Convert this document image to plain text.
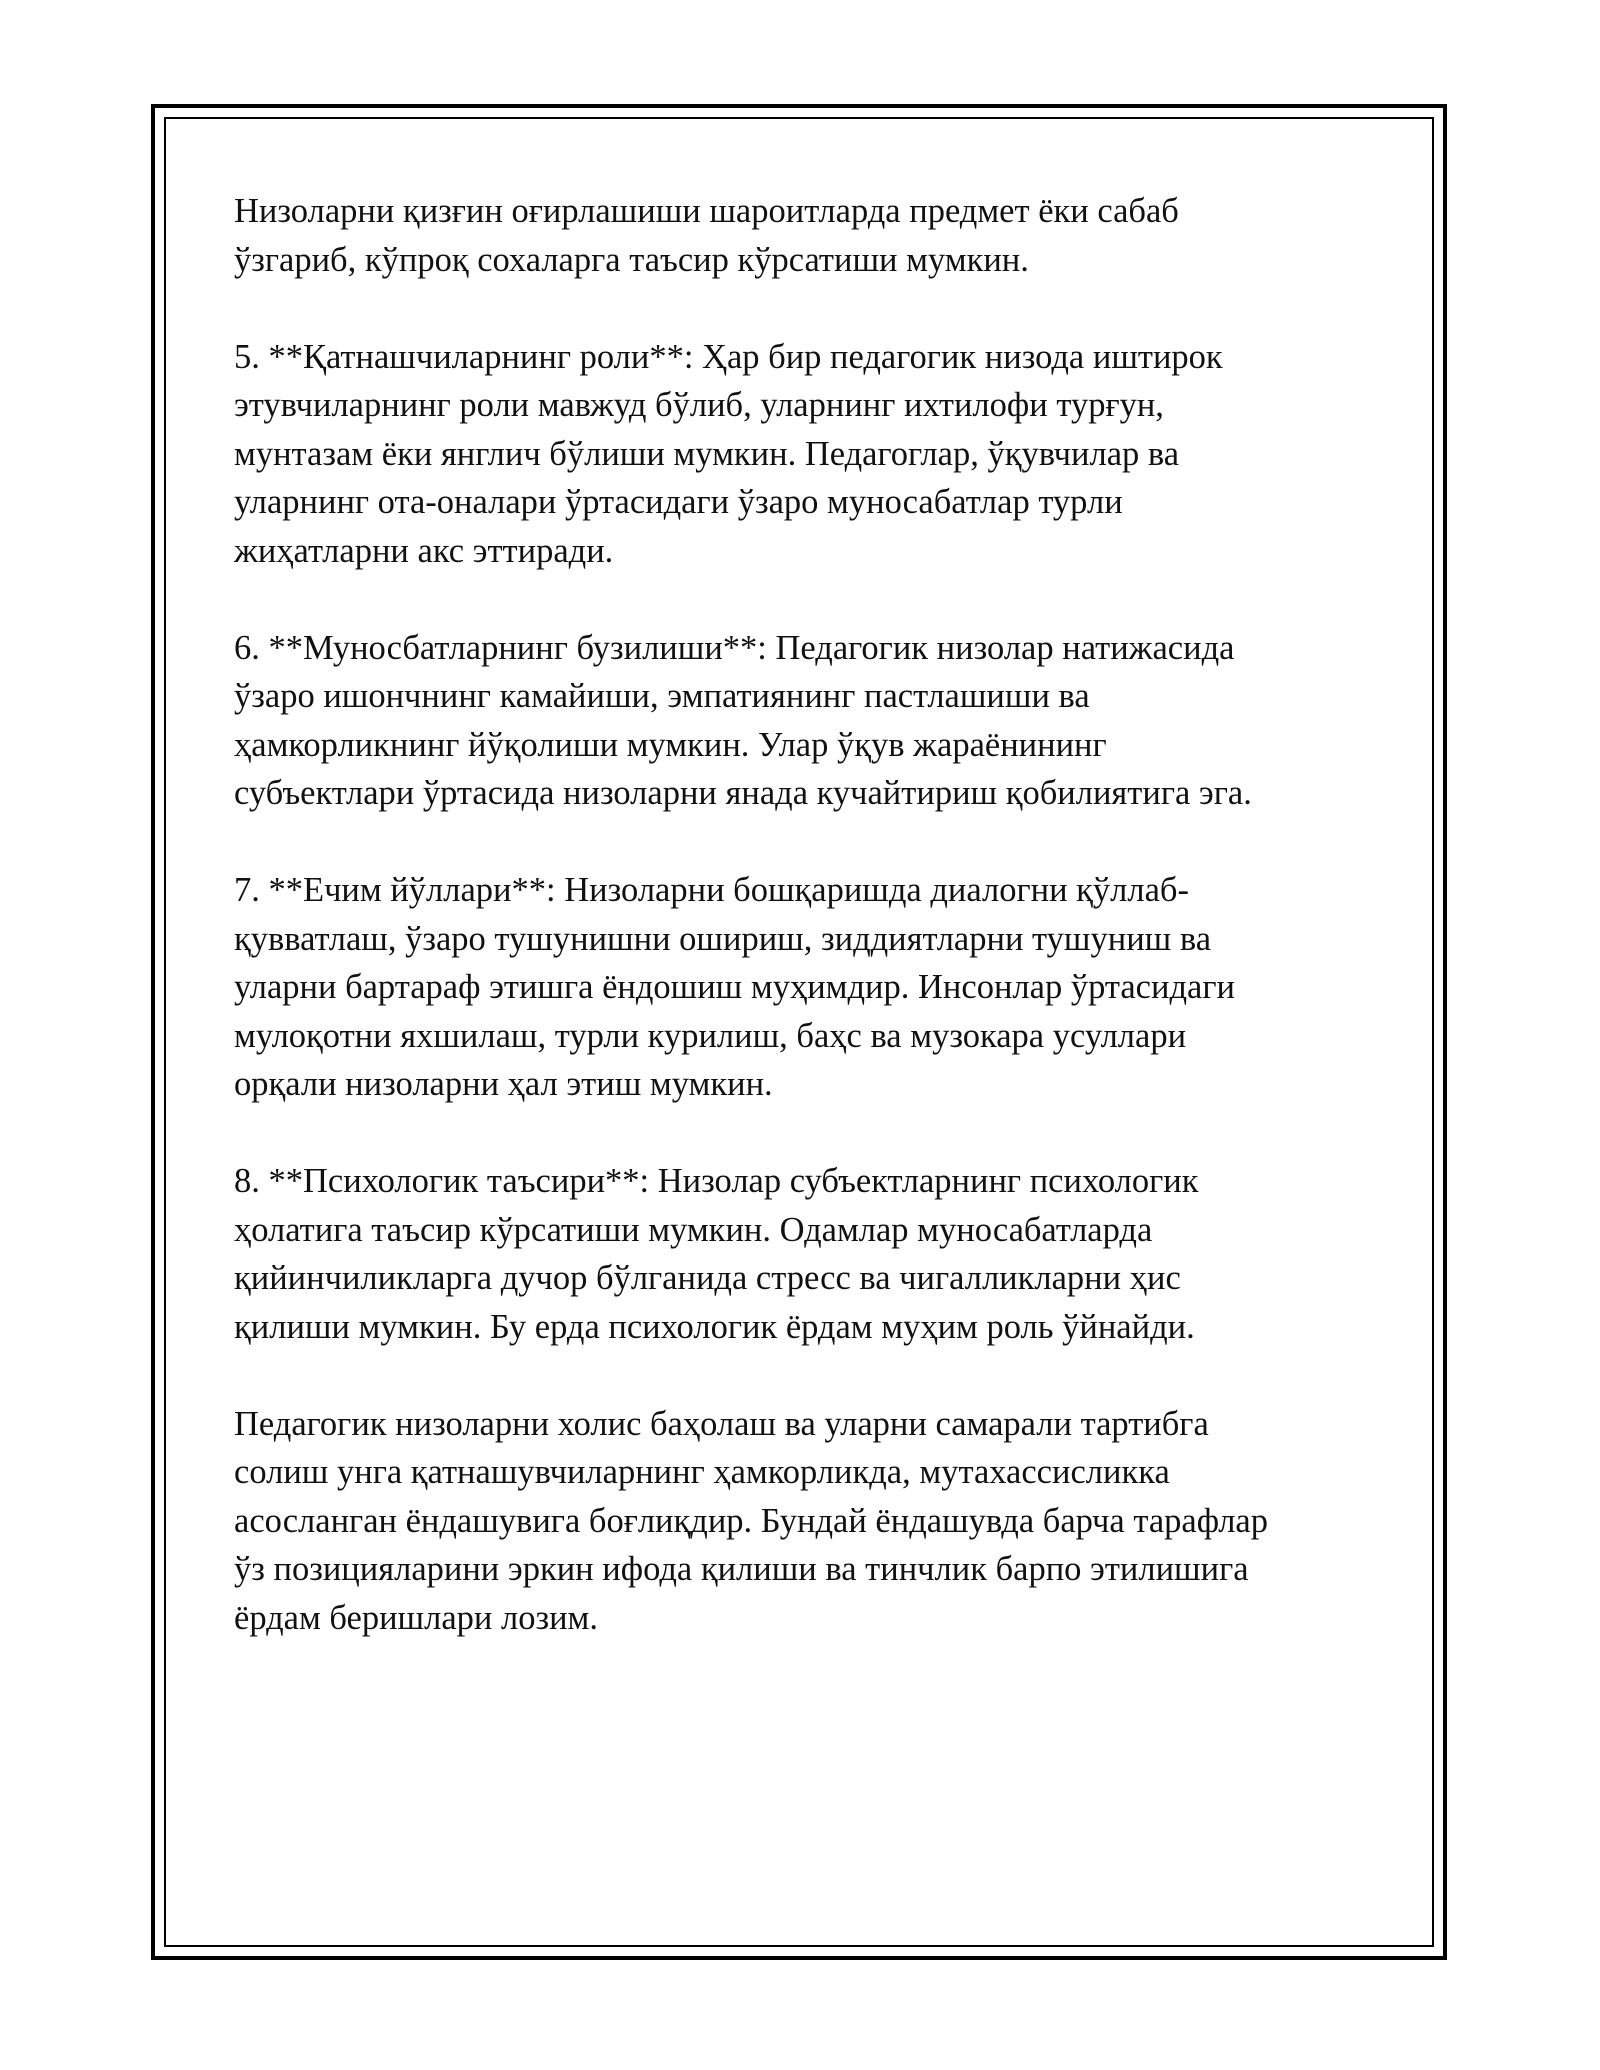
Низоларни қизғин оғирлашиши шароитларда предмет ёки сабаб
ўзгариб, кўпроқ сохаларга таъсир кўрсатиши мумкин.

5. **Қатнашчиларнинг роли**: Ҳар бир педагогик низода иштирок
этувчиларнинг роли мавжуд бўлиб, уларнинг ихтилофи турғун,
мунтазам ёки янглич бўлиши мумкин. Педагоглар, ўқувчилар ва
уларнинг ота-оналари ўртасидаги ўзаро муносабатлар турли
жиҳатларни акс эттиради.

6. **Муносбатларнинг бузилиши**: Педагогик низолар натижасида
ўзаро ишончнинг камайиши, эмпатиянинг пастлашиши ва
ҳамкорликнинг йўқолиши мумкин. Улар ўқув жараёнининг
субъектлари ўртасида низоларни янада кучайтириш қобилиятига эга.

7. **Ечим йўллари**: Низоларни бошқаришда диалогни қўллаб-
қувватлаш, ўзаро тушунишни ошириш, зиддиятларни тушуниш ва
уларни бартараф этишга ёндошиш муҳимдир. Инсонлар ўртасидаги
мулоқотни яхшилаш, турли курилиш, баҳс ва музокара усуллари
орқали низоларни ҳал этиш мумкин.

8. **Психологик таъсири**: Низолар субъектларнинг психологик
ҳолатига таъсир кўрсатиши мумкин. Одамлар муносабатларда
қийинчиликларга дучор бўлганида стресс ва чигалликларни ҳис
қилиши мумкин. Бу ерда психологик ёрдам муҳим роль ўйнайди.

Педагогик низоларни холис баҳолаш ва уларни самарали тартибга
солиш унга қатнашувчиларнинг ҳамкорликда, мутахассисликка
асосланган ёндашувига боғлиқдир. Бундай ёндашувда барча тарафлар
ўз позицияларини эркин ифода қилиши ва тинчлик барпо этилишига
ёрдам беришлари лозим.
